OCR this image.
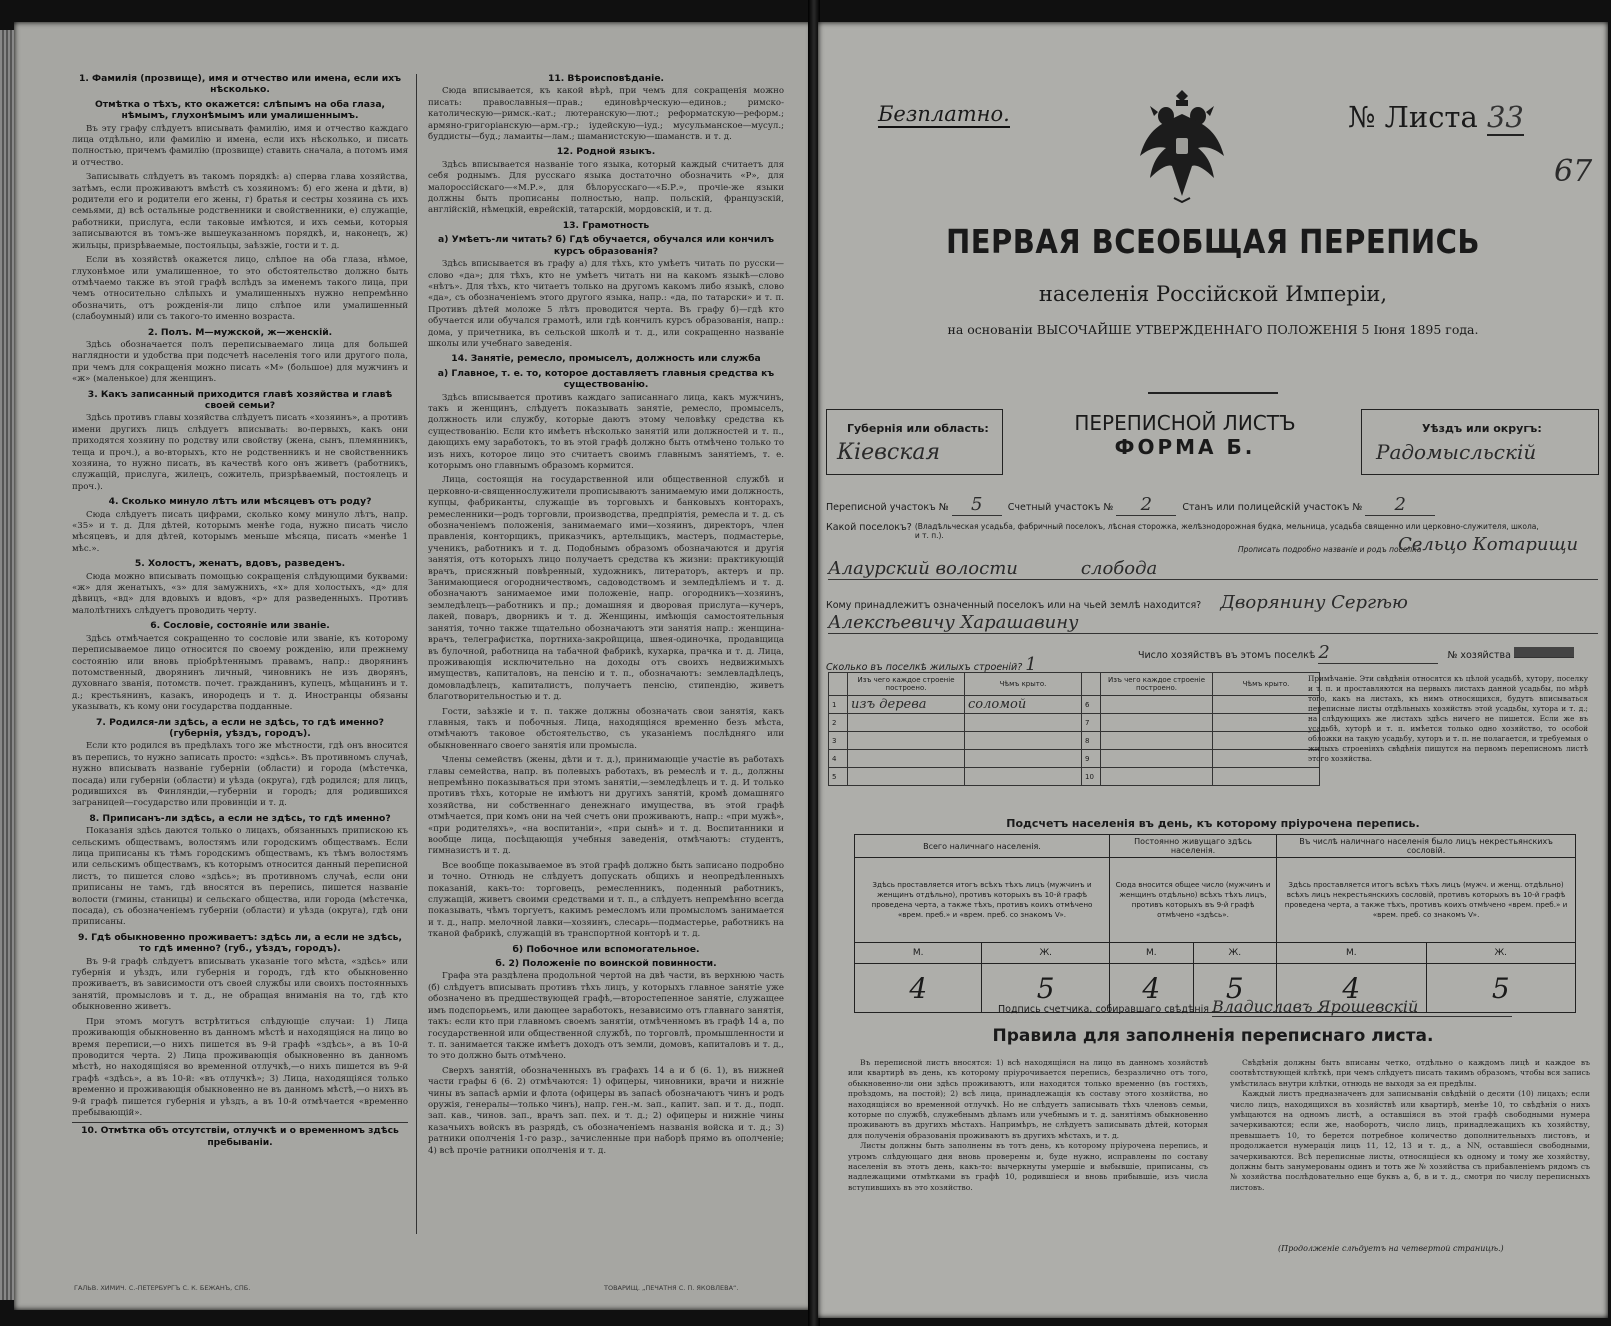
1. Фамилія (прозвище), имя и отчество или имена, если ихъ нѣсколько.
Отмѣтка о тѣхъ, кто окажется: слѣпымъ на оба глаза, нѣмымъ, глухонѣмымъ или умалишеннымъ.

Въ эту графу слѣдуетъ вписывать фамилію, имя и отчество каждаго лица отдѣльно, или фамилію и имена, если ихъ нѣсколько, и писать полностью, причемъ фамилію (прозвище) ставить сначала, а потомъ имя и отчество.

Записывать слѣдуетъ въ такомъ порядкѣ: а) сперва глава хозяйства, затѣмъ, если проживаютъ вмѣстѣ съ хозяиномъ: б) его жена и дѣти, в) родители его и родители его жены, г) братья и сестры хозяина съ ихъ семьями, д) всѣ остальные родственники и свойственники, е) служащіе, работники, прислуга, если таковые имѣются, и ихъ семьи, которыя записываются въ томъ-же вышеуказанномъ порядкѣ, и, наконецъ, ж) жильцы, призрѣваемые, постояльцы, заѣзжіе, гости и т. д.

Если въ хозяйствѣ окажется лицо, слѣпое на оба глаза, нѣмое, глухонѣмое или умалишенное, то это обстоятельство должно быть отмѣчаемо также въ этой графѣ вслѣдъ за именемъ такого лица, при чемъ относительно слѣпыхъ и умалишенныхъ нужно непремѣнно обозначить, отъ рожденія-ли лицо слѣпое или умалишенный (слабоумный) или съ такого-то именно возраста.

2. Полъ. М—мужской, ж—женскій.

Здѣсь обозначается полъ переписываемаго лица для большей наглядности и удобства при подсчетѣ населенія того или другого пола, при чемъ для сокращенія можно писать «М» (большое) для мужчинъ и «ж» (маленькое) для женщинъ.

3. Какъ записанный приходится главѣ хозяйства и главѣ своей семьи?

Здѣсь противъ главы хозяйства слѣдуетъ писать «хозяинъ», а противъ имени другихъ лицъ слѣдуетъ вписывать: во-первыхъ, какъ они приходятся хозяину по родству или свойству (жена, сынъ, племянникъ, теща и проч.), а во-вторыхъ, кто не родственникъ и не свойственникъ хозяина, то нужно писать, въ качествѣ кого онъ живетъ (работникъ, служащій, прислуга, жилецъ, сожитель, призрѣваемый, постоялецъ и проч.).

4. Сколько минуло лѣтъ или мѣсяцевъ отъ роду?

Сюда слѣдуетъ писать цифрами, сколько кому минуло лѣтъ, напр. «35» и т. д. Для дѣтей, которымъ менѣе года, нужно писать число мѣсяцевъ, и для дѣтей, которымъ меньше мѣсяца, писать «менѣе 1 мѣс.».

5. Холостъ, женатъ, вдовъ, разведенъ.

Сюда можно вписывать помощью сокращенія слѣдующими буквами: «ж» для женатыхъ, «з» для замужнихъ, «х» для холостыхъ, «д» для дѣвицъ, «вд» для вдовыхъ и вдовъ, «р» для разведенныхъ. Противъ малолѣтнихъ слѣдуетъ проводить черту.

6. Сословіе, состояніе или званіе.

Здѣсь отмѣчается сокращенно то сословіе или званіе, къ которому переписываемое лицо относится по своему рожденію, или прежнему состоянію или вновь пріобрѣтеннымъ правамъ, напр.: дворянинъ потомственный, дворянинъ личный, чиновникъ не изъ дворянъ, духовнаго званія, потомств. почет. гражданинъ, купецъ, мѣщанинъ и т. д.; крестьянинъ, казакъ, инородецъ и т. д. Иностранцы обязаны указывать, къ кому они государства подданные.

7. Родился-ли здѣсь, а если не здѣсь, то гдѣ именно? (губернія, уѣздъ, городъ).

Если кто родился въ предѣлахъ того же мѣстности, гдѣ онъ вносится въ перепись, то нужно записать просто: «здѣсь». Въ противномъ случаѣ, нужно вписывать названіе губерніи (области) и города (мѣстечка, посада) или губерніи (области) и уѣзда (округа), гдѣ родился; для лицъ, родившихся въ Финляндіи,—губерніи и городъ; для родившихся заграницей—государство или провинціи и т. д.

8. Приписанъ-ли здѣсь, а если не здѣсь, то гдѣ именно?

Показанія здѣсь даются только о лицахъ, обязанныхъ припискою къ сельскимъ обществамъ, волостямъ или городскимъ обществамъ. Если лица приписаны къ тѣмъ городскимъ обществамъ, къ тѣмъ волостямъ или сельскимъ обществамъ, къ которымъ относится данный переписной листъ, то пишется слово «здѣсь»; въ противномъ случаѣ, если они приписаны не тамъ, гдѣ вносятся въ перепись, пишется названіе волости (гмины, станицы) и сельскаго общества, или города (мѣстечка, посада), съ обозначеніемъ губерніи (области) и уѣзда (округа), гдѣ они приписаны.

9. Гдѣ обыкновенно проживаетъ: здѣсь ли, а если не здѣсь, то гдѣ именно? (губ., уѣздъ, городъ).

Въ 9-й графѣ слѣдуетъ вписывать указаніе того мѣста, «здѣсь» или губернія и уѣздъ, или губернія и городъ, гдѣ кто обыкновенно проживаетъ, въ зависимости отъ своей службы или своихъ постоянныхъ занятій, промысловъ и т. д., не обращая вниманія на то, гдѣ кто обыкновенно живетъ.

При этомъ могутъ встрѣтиться слѣдующіе случаи: 1) Лица проживающія обыкновенно въ данномъ мѣстѣ и находящіяся на лицо во время переписи,—о нихъ пишется въ 9-й графѣ «здѣсь», а въ 10-й проводится черта. 2) Лица проживающія обыкновенно въ данномъ мѣстѣ, но находящіяся во временной отлучкѣ,—о нихъ пишется въ 9-й графѣ «здѣсь», а въ 10-й: «въ отлучкѣ»; 3) Лица, находящіяся только временно и проживающія обыкновенно не въ данномъ мѣстѣ,—о нихъ въ 9-й графѣ пишется губернія и уѣздъ, а въ 10-й отмѣчается «временно пребывающій».

10. Отмѣтка объ отсутствіи, отлучкѣ и о временномъ здѣсь пребываніи.
11. Вѣроисповѣданіе.

Сюда вписывается, къ какой вѣрѣ, при чемъ для сокращенія можно писать: православныя—прав.; единовѣрческую—единов.; римско-католическую—римск.-кат.; лютеранскую—лют.; реформатскую—реформ.; армяно-григоріанскую—арм.-гр.; іудейскую—іуд.; мусульманское—мусул.; буддисты—буд.; ламаиты—лам.; шаманистскую—шаманств. и т. д.

12. Родной языкъ.

Здѣсь вписывается названіе того языка, который каждый считаетъ для себя роднымъ. Для русскаго языка достаточно обозначить «Р», для малороссійскаго—«М.Р.», для бѣлорусскаго—«Б.Р.», прочіе-же языки должны быть прописаны полностью, напр. польскій, французскій, англійскій, нѣмецкій, еврейскій, татарскій, мордовскій, и т. д.

13. Грамотность
а) Умѣетъ-ли читать? б) Гдѣ обучается, обучался или кончилъ курсъ образованія?

Здѣсь вписывается въ графу а) для тѣхъ, кто умѣетъ читать по русски—слово «да»; для тѣхъ, кто не умѣетъ читать ни на какомъ языкѣ—слово «нѣтъ». Для тѣхъ, кто читаетъ только на другомъ какомъ либо языкѣ, слово «да», съ обозначеніемъ этого другого языка, напр.: «да, по татарски» и т. п. Противъ дѣтей моложе 5 лѣтъ проводится черта. Въ графу б)—гдѣ кто обучается или обучался грамотѣ, или гдѣ кончилъ курсъ образованія, напр.: дома, у причетника, въ сельской школѣ и т. д., или сокращенно названіе школы или учебнаго заведенія.

14. Занятіе, ремесло, промыселъ, должность или служба
а) Главное, т. е. то, которое доставляетъ главныя средства къ существованію.

Здѣсь вписывается противъ каждаго записаннаго лица, какъ мужчинъ, такъ и женщинъ, слѣдуетъ показывать занятіе, ремесло, промыселъ, должность или службу, которые даютъ этому человѣку средства къ существованію. Если кто имѣетъ нѣсколько занятій или должностей и т. п., дающихъ ему заработокъ, то въ этой графѣ должно быть отмѣчено только то изъ нихъ, которое лицо это считаетъ своимъ главнымъ занятіемъ, т. е. которымъ оно главнымъ образомъ кормится.

Лица, состоящія на государственной или общественной службѣ и церковно-и-священнослужители прописываютъ занимаемую ими должность, купцы, фабриканты, служащіе въ торговыхъ и банковыхъ конторахъ, ремесленники—родъ торговли, производства, предпріятія, ремесла и т. д. съ обозначеніемъ положенія, занимаемаго ими—хозяинъ, директоръ, член правленія, конторщикъ, приказчикъ, артельщикъ, мастеръ, подмастерье, ученикъ, работникъ и т. д. Подобнымъ образомъ обозначаются и другія занятія, отъ которыхъ лицо получаетъ средства къ жизни: практикующій врачъ, присяжный повѣренный, художникъ, литераторъ, актеръ и пр. Занимающиеся огородничествомъ, садоводствомъ и земледѣліемъ и т. д. обозначаютъ занимаемое ими положеніе, напр. огородникъ—хозяинъ, земледѣлецъ—работникъ и пр.; домашняя и дворовая прислуга—кучеръ, лакей, поваръ, дворникъ и т. д. Женщины, имѣющія самостоятельныя занятія, точно также тщательно обозначаютъ эти занятія напр.: женщина-врачъ, телеграфистка, портниха-закройщица, швея-одиночка, продавщица въ булочной, работница на табачной фабрикѣ, кухарка, прачка и т. д. Лица, проживающія исключительно на доходы отъ своихъ недвижимыхъ имуществъ, капиталовъ, на пенсію и т. п., обозначаютъ: землевладѣлецъ, домовладѣлецъ, капиталистъ, получаетъ пенсію, стипендію, живетъ благотворительностью и т. д.

Гости, заѣзжіе и т. п. также должны обозначать свои занятія, какъ главныя, такъ и побочныя. Лица, находящіяся временно безъ мѣста, отмѣчаютъ таковое обстоятельство, съ указаніемъ послѣдняго или обыкновеннаго своего занятія или промысла.

Члены семействъ (жены, дѣти и т. д.), принимающіе участіе въ работахъ главы семейства, напр. въ полевыхъ работахъ, въ ремеслѣ и т. д., должны непремѣнно показываться при этомъ занятіи,—земледѣлецъ и т. д. И только противъ тѣхъ, которые не имѣютъ ни другихъ занятій, кромѣ домашняго хозяйства, ни собственнаго денежнаго имущества, въ этой графѣ отмѣчается, при комъ они на чей счетъ они проживаютъ, напр.: «при мужѣ», «при родителяхъ», «на воспитаніи», «при сынѣ» и т. д. Воспитанники и вообще лица, посѣщающія учебныя заведенія, отмѣчаютъ: студентъ, гимназистъ и т. д.

Все вообще показываемое въ этой графѣ должно быть записано подробно и точно. Отнюдь не слѣдуетъ допускать общихъ и неопредѣленныхъ показаній, какъ-то: торговецъ, ремесленникъ, поденный работникъ, служащій, живетъ своими средствами и т. п., а слѣдуетъ непремѣнно всегда показывать, чѣмъ торгуетъ, какимъ ремесломъ или промысломъ занимается и т. д., напр. мелочной лавки—хозяинъ, слесарь—подмастерье, работникъ на тканой фабрикѣ, служащій въ транспортной конторѣ и т. д.

б) Побочное или вспомогательное.
б. 2) Положеніе по воинской повинности.

Графа эта раздѣлена продольной чертой на двѣ части, въ верхнюю часть (б) слѣдуетъ вписывать противъ тѣхъ лицъ, у которыхъ главное занятіе уже обозначено въ предшествующей графѣ,—второстепенное занятіе, служащее имъ подспорьемъ, или дающее заработокъ, независимо отъ главнаго занятія, такъ: если кто при главномъ своемъ занятіи, отмѣченномъ въ графѣ 14 а, по государственной или общественной службѣ, по торговлѣ, промышленности и т. п. занимается также имѣетъ доходъ отъ земли, домовъ, капиталовъ и т. д., то это должно быть отмѣчено.

Сверхъ занятій, обозначенныхъ въ графахъ 14 а и б (6. 1), въ нижней части графы 6 (6. 2) отмѣчаются: 1) офицеры, чиновники, врачи и нижніе чины въ запасѣ арміи и флота (офицеры въ запасѣ обозначаютъ чинъ и родъ оружія, генералы—только чинъ), напр. ген.-м. зап., капит. зап. и т. д., подп. зап. кав., чинов. зап., врачъ зап. пех. и т. д.; 2) офицеры и нижніе чины казачьихъ войскъ въ разрядѣ, съ обозначеніемъ названія войска и т. д.; 3) ратники ополченія 1-го разр., зачисленные при наборѣ прямо въ ополченіе; 4) всѣ прочіе ратники ополченія и т. д.

ГАЛЬВ. ХИМИЧ. С.-ПЕТЕРБУРГЪ С. К. БЕЖАНЪ, СПБ.	ТОВАРИЩ. „ПЕЧАТНЯ С. П. ЯКОВЛЕВА“.
Безплатно.	№ Листа 33
67
ПЕРВАЯ ВСЕОБЩАЯ ПЕРЕПИСЬ
населенія Россійской Имперіи,
на основаніи ВЫСОЧАЙШЕ УТВЕРЖДЕННАГО ПОЛОЖЕНІЯ 5 Іюня 1895 года.
Губернія или область:
Кіевская
ПЕРЕПИСНОЙ ЛИСТЪ
ФОРМА Б.
Уѣздъ или округъ:
Радомысльскій
Переписной участокъ № 5	Счетный участокъ № 2	Станъ или полицейскій участокъ № 2
Какой поселокъ? (Владѣльческая усадьба, фабричный поселокъ, лѣсная сторожка, желѣзнодорожная будка, мельница, усадьба священно или церковно-служителя, школа, и т. п.).
Прописать подробно названіе и родъ поселка
Сельцо Котарищи
Алаурский волости	слобода
Кому принадлежитъ означенный поселокъ или на чьей землѣ находится? Дворянину Сергѣю
Алексѣевичу Харашавину
Число хозяйствъ въ этомъ поселкѣ 2	№ хозяйства
Сколько въ поселкѣ жилыхъ строеній? 1
	Изъ чего каждое строеніе построено.	Чѣмъ крыто.		Изъ чего каждое строеніе построено.	Чѣмъ крыто.
1	изъ дерева	соломой	6		
2			7		
3			8		
4			9		
5			10		
Примѣчаніе. Эти свѣдѣнія относятся къ цѣлой усадьбѣ, хутору, поселку и т. п. и проставляются на первыхъ листахъ данной усадьбы, по мѣрѣ того, какъ на листахъ, къ нимъ относящихся, будутъ вписываться переписные листы отдѣльныхъ хозяйствъ этой усадьбы, хутора и т. д.; на слѣдующихъ же листахъ здѣсь ничего не пишется. Если же въ усадьбѣ, хуторѣ и т. п. имѣется только одно хозяйство, то особой обложки на такую усадьбу, хуторъ и т. п. не полагается, и требуемыя о жилыхъ строеніяхъ свѣдѣнія пишутся на первомъ переписномъ листѣ этого хозяйства.
Подсчетъ населенія въ день, къ которому пріурочена перепись.
Всего наличнаго населенія.		Постоянно живущаго здѣсь населенія.		Въ числѣ наличнаго населенія было лицъ некрестьянскихъ сословій.	
Здѣсь проставляется итогъ всѣхъ тѣхъ лицъ (мужчинъ и женщинъ отдѣльно), противъ которыхъ въ 10-й графѣ проведена черта, а также тѣхъ, противъ коихъ отмѣчено «врем. преб.» и «врем. преб. со знакомъ V».		Сюда вносится общее число (мужчинъ и женщинъ отдѣльно) всѣхъ тѣхъ лицъ, противъ которыхъ въ 9-й графѣ отмѣчено «здѣсь».		Здѣсь проставляется итогъ всѣхъ тѣхъ лицъ (мужч. и женщ. отдѣльно) всѣхъ лицъ некрестьянскихъ сословій, противъ которыхъ въ 10-й графѣ проведена черта, а также тѣхъ, противъ коихъ отмѣчено «врем. преб.» и «врем. преб. со знакомъ V».	
М.	Ж.	М.	Ж.	М.	Ж.
4	5	4	5	4	5
Подпись счетчика, собиравшаго свѣдѣнія Владиславъ Ярошевскій
Правила для заполненія переписнаго листа.

Въ переписной листъ вносятся: 1) всѣ находящіяся на лицо въ данномъ хозяйствѣ или квартирѣ въ день, къ которому пріурочивается перепись, безразлично отъ того, обыкновенно-ли они здѣсь проживаютъ, или находятся только временно (въ гостяхъ, проѣздомъ, на постой); 2) всѣ лица, принадлежащія къ составу этого хозяйства, но находящіяся во временной отлучкѣ. Но не слѣдуетъ записывать тѣхъ членовъ семьи, которые по службѣ, служебнымъ дѣламъ или учебнымъ и т. д. занятіямъ обыкновенно проживаютъ въ другихъ мѣстахъ. Напримѣръ, не слѣдуетъ записывать дѣтей, которыя для полученія образованія проживаютъ въ другихъ мѣстахъ, и т. д.

Листы должны быть заполнены въ тотъ день, къ которому пріурочена перепись, и утромъ слѣдующаго дня вновь проверены и, буде нужно, исправлены по составу населенія въ этотъ день, какъ-то: вычеркнуты умершіе и выбывшіе, приписаны, съ надлежащими отмѣтками въ графѣ 10, родившіеся и вновь прибывшіе, изъ числа вступившихъ въ это хозяйство.

Свѣдѣнія должны быть вписаны четко, отдѣльно о каждомъ лицѣ и каждое въ соотвѣтствующей клѣткѣ, при чемъ слѣдуетъ писать такимъ образомъ, чтобы вся запись умѣстилась внутри клѣтки, отнюдь не выходя за ея предѣлы.

Каждый листъ предназначенъ для записыванія свѣдѣній о десяти (10) лицахъ; если число лицъ, находящихся въ хозяйствѣ или квартирѣ, менѣе 10, то свѣдѣнія о нихъ умѣщаются на одномъ листѣ, а оставшіяся въ этой графѣ свободными нумера зачеркиваются; если же, наоборотъ, число лицъ, принадлежащихъ къ хозяйству, превышаетъ 10, то берется потребное количество дополнительныхъ листовъ, и продолжается нумерація лицъ 11, 12, 13 и т. д., а NN, оставшіеся свободными, зачеркиваются. Всѣ переписные листы, относящіеся къ одному и тому же хозяйству, должны быть занумерованы одинъ и тотъ же № хозяйства съ прибавленіемъ рядомъ съ № хозяйства послѣдовательно еще буквъ а, б, в и т. д., смотря по числу переписныхъ листовъ.

(Продолженіе слѣдуетъ на четвертой страницѣ.)
